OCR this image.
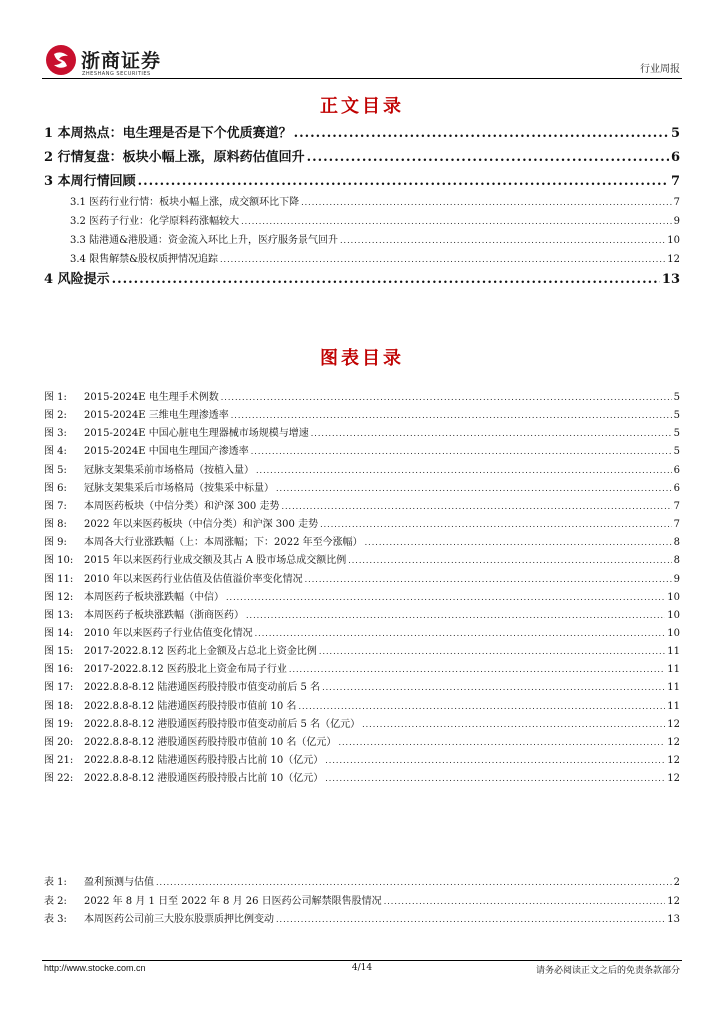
浙商证券
ZHESHANG SECURITIES	行业周报
正文目录
1 本周热点：电生理是否是下个优质赛道？ .....	5
2 行情复盘：板块小幅上涨，原料药估值回升 .....	6
3 本周行情回顾 .....	7
3.1 医药行业行情：板块小幅上涨，成交额环比下降 .....	7
3.2 医药子行业：化学原料药涨幅较大 .....	9
3.3 陆港通&港股通：资金流入环比上升，医疗服务景气回升 .....	10
3.4 限售解禁&股权质押情况追踪 .....	12
4 风险提示 .....	13
图表目录
图 1: 2015-2024E 电生理手术例数 .....	5
图 2: 2015-2024E 三维电生理渗透率 .....	5
图 3: 2015-2024E 中国心脏电生理器械市场规模与增速 .....	5
图 4: 2015-2024E 中国电生理国产渗透率 .....	5
图 5: 冠脉支架集采前市场格局（按植入量） .....	6
图 6: 冠脉支架集采后市场格局（按集采中标量） .....	6
图 7: 本周医药板块（中信分类）和沪深 300 走势 .....	7
图 8: 2022 年以来医药板块（中信分类）和沪深 300 走势 .....	7
图 9: 本周各大行业涨跌幅（上：本周涨幅；下：2022 年至今涨幅） .....	8
图 10: 2015 年以来医药行业成交额及其占 A 股市场总成交额比例 .....	8
图 11: 2010 年以来医药行业估值及估值溢价率变化情况 .....	9
图 12: 本周医药子板块涨跌幅（中信） .....	10
图 13: 本周医药子板块涨跌幅（浙商医药） .....	10
图 14: 2010 年以来医药子行业估值变化情况 .....	10
图 15: 2017-2022.8.12 医药北上金额及占总北上资金比例 .....	11
图 16: 2017-2022.8.12 医药股北上资金布局子行业 .....	11
图 17: 2022.8.8-8.12 陆港通医药股持股市值变动前后 5 名 .....	11
图 18: 2022.8.8-8.12 陆港通医药股持股市值前 10 名 .....	11
图 19: 2022.8.8-8.12 港股通医药股持股市值变动前后 5 名（亿元） .....	12
图 20: 2022.8.8-8.12 港股通医药股持股市值前 10 名（亿元） .....	12
图 21: 2022.8.8-8.12 陆港通医药股持股占比前 10（亿元） .....	12
图 22: 2022.8.8-8.12 港股通医药股持股占比前 10（亿元） .....	12
表 1: 盈利预测与估值 .....	2
表 2: 2022 年 8 月 1 日至 2022 年 8 月 26 日医药公司解禁限售股情况 .....	12
表 3: 本周医药公司前三大股东股票质押比例变动 .....	13
http://www.stocke.com.cn	4/14	请务必阅读正文之后的免责条款部分
